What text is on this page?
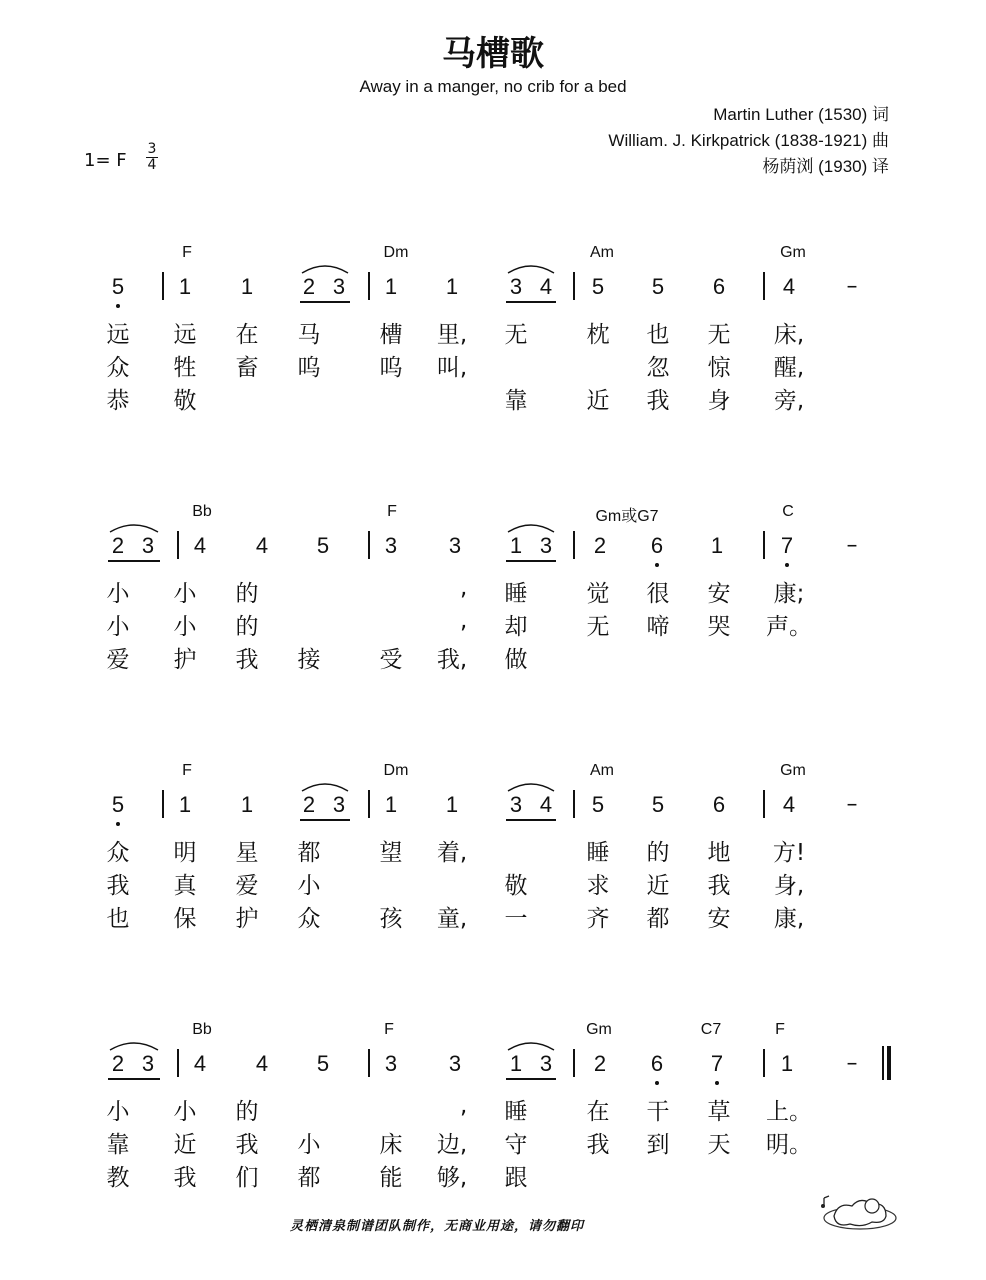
马槽歌
Away in a manger, no crib for a bed
Martin Luther (1530) 词
William. J. Kirkpatrick (1838-1921) 曲
杨荫浏 (1930) 译
1= F
3
4
F	Dm	Am	Gm
5 1 1 2 3 1 1 3 4 5 5 6	4 –
远 远 在 马	槽 里, 无	枕 也 无 床,
众 牲 畜 呜	呜 叫,	忽 惊 醒,
恭 敬	靠	近 我 身 旁,
Bb	F	Gm或G7	C
2 3 4 4 5	3 3 1 3 2 6 1	7 –
小 小 的	, 睡	觉 很 安 康;
小 小 的	, 却	无 啼 哭 声。
爱 护 我 接	受 我, 做
F	Dm	Am	Gm
5 1 1 2 3 1 1 3 4 5 5 6	4 –
众 明 星 都	望 着,	睡 的 地 方!
我 真 爱 小	敬	求 近 我 身,
也 保 护 众	孩 童, 一	齐 都 安 康,
Bb	F	Gm	C7	F
2 3 4 4 5	3 3 1 3 2 6 7	1 –
小 小 的	, 睡	在 干 草 上。
靠 近 我 小	床 边, 守	我 到 天 明。
教 我 们 都	能 够, 跟
灵栖清泉制谱团队制作，无商业用途，请勿翻印
